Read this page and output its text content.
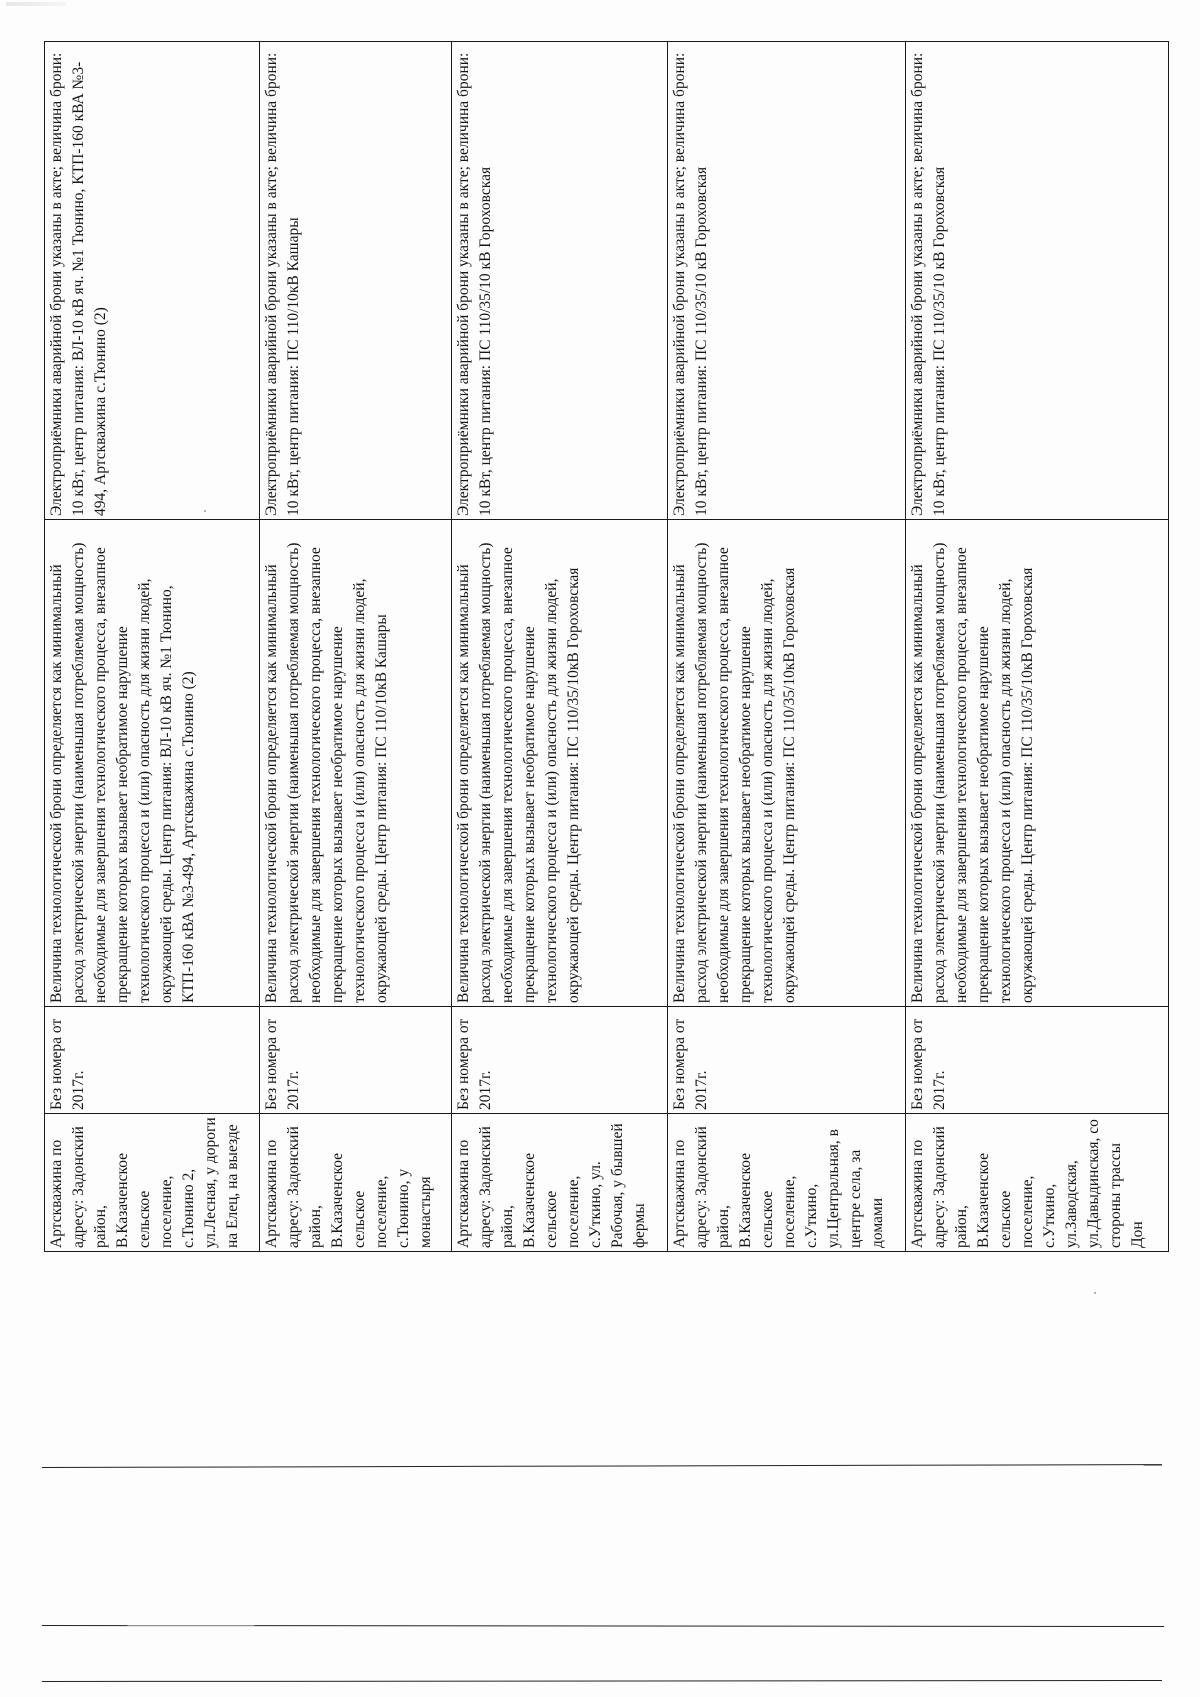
Артскважина по адресу: Задонский район, В.Казаченское сельское поселение, с.Тюнино 2, ул.Лесная, у дороги на Елец, на выезде	Без номера от 2017г.	Величина технологической брони определяется как минимальный расход электрической энергии (наименьшая потребляемая мощность) необходимые для завершения технологического процесса, внезапное прекращение которых вызывает необратимое нарушение технологического процесса и (или) опасность для жизни людей, окружающей среды. Центр питания: ВЛ-10 кВ яч. №1 Тюнино, КТП-160 кВА №3-494, Артскважина с.Тюнино (2)	Электроприёмники аварийной брони указаны в акте; величина брони: 10 кВт, центр питания: ВЛ-10 кВ яч. №1 Тюнино, КТП-160 кВА №3-494, Артскважина с.Тюнино (2)
Артскважина по адресу: Задонский район, В.Казаченское сельское поселение, с.Тюнино, у монастыря	Без номера от 2017г.	Величина технологической брони определяется как минимальный расход электрической энергии (наименьшая потребляемая мощность) необходимые для завершения технологического процесса, внезапное прекращение которых вызывает необратимое нарушение технологического процесса и (или) опасность для жизни людей, окружающей среды. Центр питания: ПС 110/10кВ Кашары	Электроприёмники аварийной брони указаны в акте; величина брони: 10 кВт, центр питания: ПС 110/10кВ Кашары
Артскважина по адресу: Задонский район, В.Казаченское сельское поселение, с.Уткино, ул. Рабочая, у бывшей фермы	Без номера от 2017г.	Величина технологической брони определяется как минимальный расход электрической энергии (наименьшая потребляемая мощность) необходимые для завершения технологического процесса, внезапное прекращение которых вызывает необратимое нарушение технологического процесса и (или) опасность для жизни людей, окружающей среды. Центр питания: ПС 110/35/10кВ Гороховская	Электроприёмники аварийной брони указаны в акте; величина брони: 10 кВт, центр питания: ПС 110/35/10 кВ Гороховская
Артскважина по адресу: Задонский район, В.Казаченское сельское поселение, с.Уткино, ул.Центральная, в центре села, за домами	Без номера от 2017г.	Величина технологической брони определяется как минимальный расход электрической энергии (наименьшая потребляемая мощность) необходимые для завершения технологического процесса, внезапное прекращение которых вызывает необратимое нарушение технологического процесса и (или) опасность для жизни людей, окружающей среды. Центр питания: ПС 110/35/10кВ Гороховская	Электроприёмники аварийной брони указаны в акте; величина брони: 10 кВт, центр питания: ПС 110/35/10 кВ Гороховская
Артскважина по адресу: Задонский район, В.Казаченское сельское поселение, с.Уткино, ул.Заводская, ул.Давыдинская, со стороны трассы Дон	Без номера от 2017г.	Величина технологической брони определяется как минимальный расход электрической энергии (наименьшая потребляемая мощность) необходимые для завершения технологического процесса, внезапное прекращение которых вызывает необратимое нарушение технологического процесса и (или) опасность для жизни людей, окружающей среды. Центр питания: ПС 110/35/10кВ Гороховская	Электроприёмники аварийной брони указаны в акте; величина брони: 10 кВт, центр питания: ПС 110/35/10 кВ Гороховская
